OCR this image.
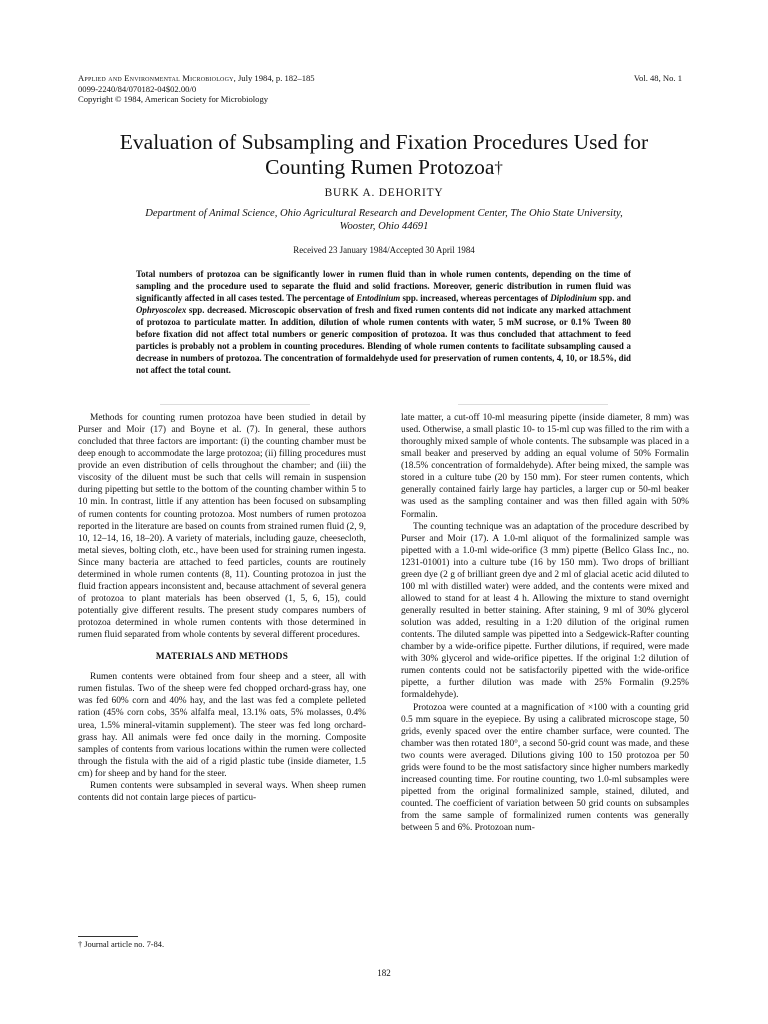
Applied and Environmental Microbiology, July 1984, p. 182–185	Vol. 48, No. 1
0099-2240/84/070182-04$02.00/0
Copyright © 1984, American Society for Microbiology
Evaluation of Subsampling and Fixation Procedures Used for
Counting Rumen Protozoa†
BURK A. DEHORITY
Department of Animal Science, Ohio Agricultural Research and Development Center, The Ohio State University,
Wooster, Ohio 44691
Received 23 January 1984/Accepted 30 April 1984
Total numbers of protozoa can be significantly lower in rumen fluid than in whole rumen contents, depending on the time of sampling and the procedure used to separate the fluid and solid fractions. Moreover, generic distribution in rumen fluid was significantly affected in all cases tested. The percentage of Entodinium spp. increased, whereas percentages of Diplodinium spp. and Ophryoscolex spp. decreased. Microscopic observation of fresh and fixed rumen contents did not indicate any marked attachment of protozoa to particulate matter. In addition, dilution of whole rumen contents with water, 5 mM sucrose, or 0.1% Tween 80 before fixation did not affect total numbers or generic composition of protozoa. It was thus concluded that attachment to feed particles is probably not a problem in counting procedures. Blending of whole rumen contents to facilitate subsampling caused a decrease in numbers of protozoa. The concentration of formaldehyde used for preservation of rumen contents, 4, 10, or 18.5%, did not affect the total count.

Methods for counting rumen protozoa have been studied in detail by Purser and Moir (17) and Boyne et al. (7). In general, these authors concluded that three factors are important: (i) the counting chamber must be deep enough to accommodate the large protozoa; (ii) filling procedures must provide an even distribution of cells throughout the chamber; and (iii) the viscosity of the diluent must be such that cells will remain in suspension during pipetting but settle to the bottom of the counting chamber within 5 to 10 min. In contrast, little if any attention has been focused on subsampling of rumen contents for counting protozoa. Most numbers of rumen protozoa reported in the literature are based on counts from strained rumen fluid (2, 9, 10, 12–14, 16, 18–20). A variety of materials, including gauze, cheesecloth, metal sieves, bolting cloth, etc., have been used for straining rumen ingesta. Since many bacteria are attached to feed particles, counts are routinely determined in whole rumen contents (8, 11). Counting protozoa in just the fluid fraction appears inconsistent and, because attachment of several genera of protozoa to plant materials has been observed (1, 5, 6, 15), could potentially give different results. The present study compares numbers of protozoa determined in whole rumen contents with those determined in rumen fluid separated from whole contents by several different procedures.

MATERIALS AND METHODS

Rumen contents were obtained from four sheep and a steer, all with rumen fistulas. Two of the sheep were fed chopped orchard-grass hay, one was fed 60% corn and 40% hay, and the last was fed a complete pelleted ration (45% corn cobs, 35% alfalfa meal, 13.1% oats, 5% molasses, 0.4% urea, 1.5% mineral-vitamin supplement). The steer was fed long orchard-grass hay. All animals were fed once daily in the morning. Composite samples of contents from various locations within the rumen were collected through the fistula with the aid of a rigid plastic tube (inside diameter, 1.5 cm) for sheep and by hand for the steer.

Rumen contents were subsampled in several ways. When sheep rumen contents did not contain large pieces of particu-

late matter, a cut-off 10-ml measuring pipette (inside diameter, 8 mm) was used. Otherwise, a small plastic 10- to 15-ml cup was filled to the rim with a thoroughly mixed sample of whole contents. The subsample was placed in a small beaker and preserved by adding an equal volume of 50% Formalin (18.5% concentration of formaldehyde). After being mixed, the sample was stored in a culture tube (20 by 150 mm). For steer rumen contents, which generally contained fairly large hay particles, a larger cup or 50-ml beaker was used as the sampling container and was then filled again with 50% Formalin.

The counting technique was an adaptation of the procedure described by Purser and Moir (17). A 1.0-ml aliquot of the formalinized sample was pipetted with a 1.0-ml wide-orifice (3 mm) pipette (Bellco Glass Inc., no. 1231-01001) into a culture tube (16 by 150 mm). Two drops of brilliant green dye (2 g of brilliant green dye and 2 ml of glacial acetic acid diluted to 100 ml with distilled water) were added, and the contents were mixed and allowed to stand for at least 4 h. Allowing the mixture to stand overnight generally resulted in better staining. After staining, 9 ml of 30% glycerol solution was added, resulting in a 1:20 dilution of the original rumen contents. The diluted sample was pipetted into a Sedgewick-Rafter counting chamber by a wide-orifice pipette. Further dilutions, if required, were made with 30% glycerol and wide-orifice pipettes. If the original 1:2 dilution of rumen contents could not be satisfactorily pipetted with the wide-orifice pipette, a further dilution was made with 25% Formalin (9.25% formaldehyde).

Protozoa were counted at a magnification of ×100 with a counting grid 0.5 mm square in the eyepiece. By using a calibrated microscope stage, 50 grids, evenly spaced over the entire chamber surface, were counted. The chamber was then rotated 180°, a second 50-grid count was made, and these two counts were averaged. Dilutions giving 100 to 150 protozoa per 50 grids were found to be the most satisfactory since higher numbers markedly increased counting time. For routine counting, two 1.0-ml subsamples were pipetted from the original formalinized sample, stained, diluted, and counted. The coefficient of variation between 50 grid counts on subsamples from the same sample of formalinized rumen contents was generally between 5 and 6%. Protozoan num-

† Journal article no. 7-84.
182
